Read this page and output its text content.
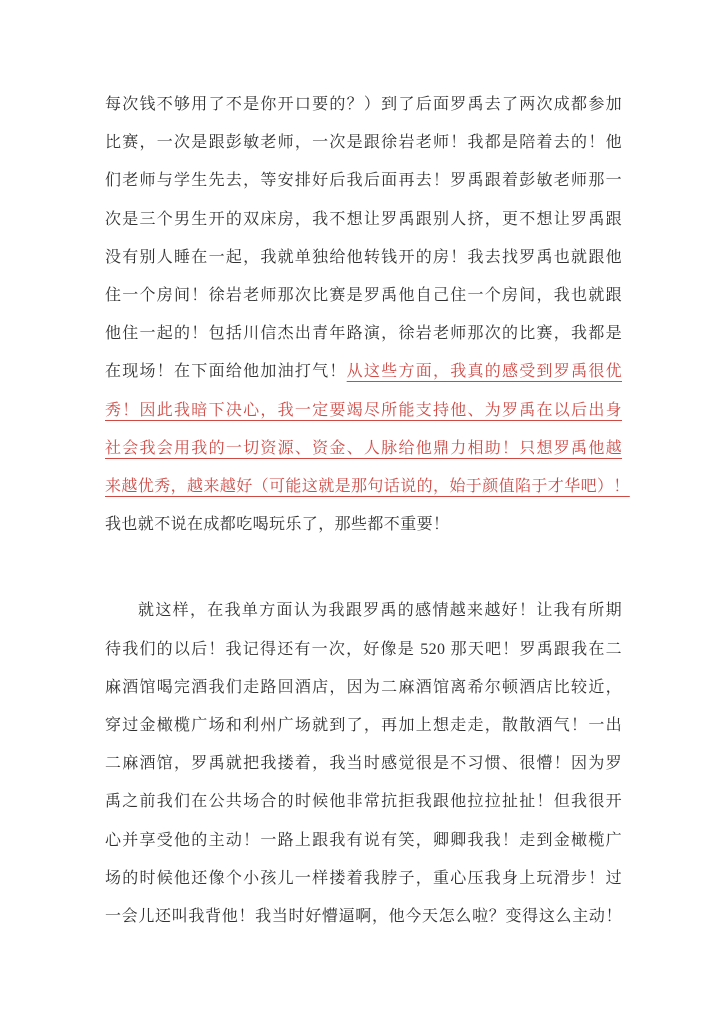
每次钱不够用了不是你开口要的？）到了后面罗禹去了两次成都参加
比赛，一次是跟彭敏老师，一次是跟徐岩老师！我都是陪着去的！他
们老师与学生先去，等安排好后我后面再去！罗禹跟着彭敏老师那一
次是三个男生开的双床房，我不想让罗禹跟别人挤，更不想让罗禹跟
没有别人睡在一起，我就单独给他转钱开的房！我去找罗禹也就跟他
住一个房间！徐岩老师那次比赛是罗禹他自己住一个房间，我也就跟
他住一起的！包括川信杰出青年路演，徐岩老师那次的比赛，我都是
在现场！在下面给他加油打气！从这些方面，我真的感受到罗禹很优
秀！因此我暗下决心，我一定要竭尽所能支持他、为罗禹在以后出身
社会我会用我的一切资源、资金、人脉给他鼎力相助！只想罗禹他越
来越优秀，越来越好（可能这就是那句话说的，始于颜值陷于才华吧）！
我也就不说在成都吃喝玩乐了，那些都不重要！
就这样，在我单方面认为我跟罗禹的感情越来越好！让我有所期
待我们的以后！我记得还有一次，好像是 520 那天吧！罗禹跟我在二
麻酒馆喝完酒我们走路回酒店，因为二麻酒馆离希尔顿酒店比较近，
穿过金橄榄广场和利州广场就到了，再加上想走走，散散酒气！一出
二麻酒馆，罗禹就把我搂着，我当时感觉很是不习惯、很懵！因为罗
禹之前我们在公共场合的时候他非常抗拒我跟他拉拉扯扯！但我很开
心并享受他的主动！一路上跟我有说有笑，卿卿我我！走到金橄榄广
场的时候他还像个小孩儿一样搂着我脖子，重心压我身上玩滑步！过
一会儿还叫我背他！我当时好懵逼啊，他今天怎么啦？变得这么主动！
